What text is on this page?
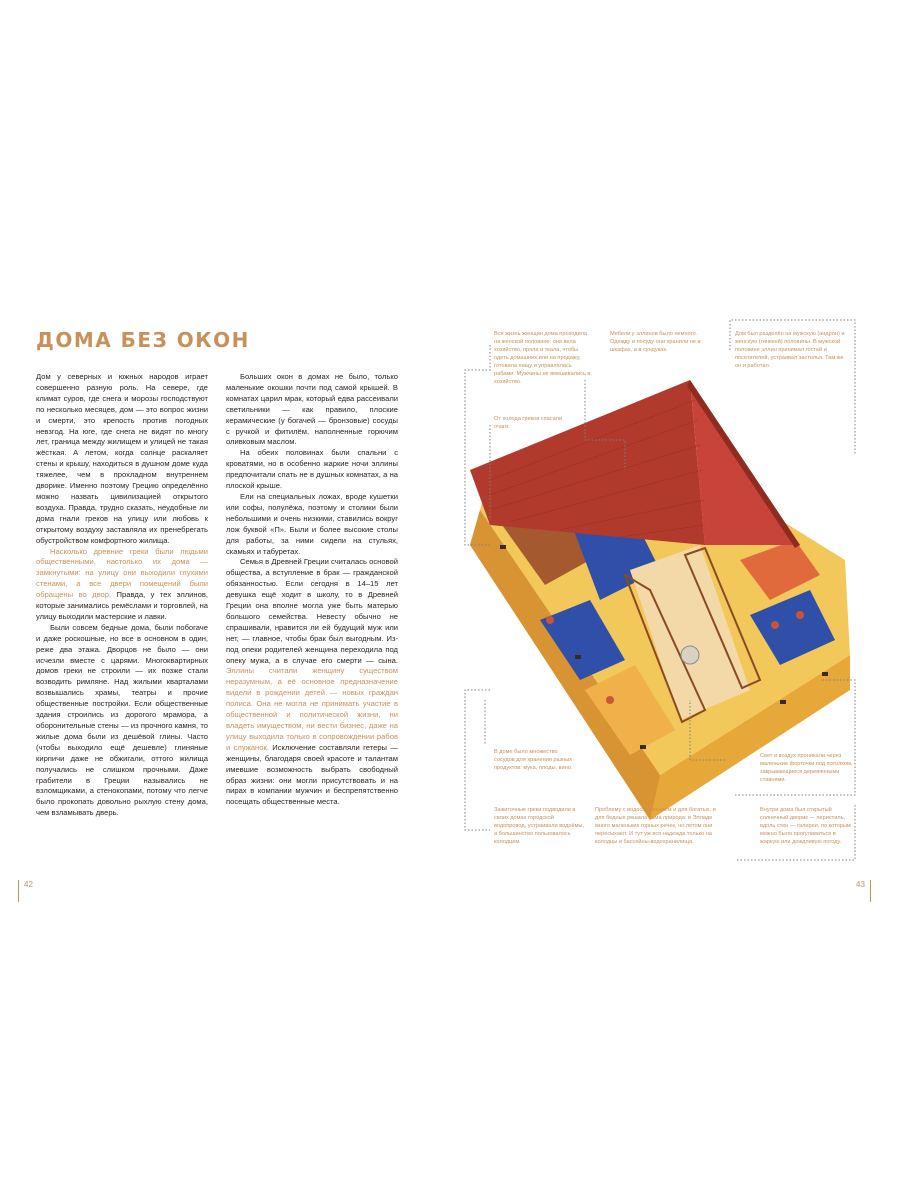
ДОМА БЕЗ ОКОН

Дом у северных и южных народов играет совершенно разную роль. На севере, где климат суров, где снега и морозы господствуют по несколько месяцев, дом — это вопрос жизни и смерти, это крепость против погодных невзгод. На юге, где снега не видят по многу лет, граница между жилищем и улицей не такая жёсткая. А летом, когда солнце раскаляет стены и крышу, находиться в душном доме куда тяжелее, чем в прохладном внутреннем дворике. Именно поэтому Грецию определённо можно назвать цивилизацией открытого воздуха. Правда, трудно сказать, неудобные ли дома гнали греков на улицу или любовь к открытому воздуху заставляла их пренебрегать обустройством комфортного жилища.

Насколько древние греки были людьми общественными, настолько их дома — замкнутыми: на улицу они выходили глухими стенами, а все двери помещений были обращены во двор. Правда, у тех эллинов, которые занимались ремёслами и торговлей, на улицу выходили мастерские и лавки.

Были совсем бедные дома, были побогаче и даже роскошные, но все в основном в один, реже два этажа. Дворцов не было — они исчезли вместе с царями. Многоквартирных домов греки не строили — их позже стали возводить римляне. Над жилыми кварталами возвышались храмы, театры и прочие общественные постройки. Если общественные здания строились из дорогого мрамора, а оборонительные стены — из прочного камня, то жилые дома были из дешёвой глины. Часто (чтобы выходило ещё дешевле) глиняные кирпичи даже не обжигали, оттого жилища получались не слишком прочными. Даже грабители в Греции назывались не взломщиками, а стенокопами, потому что легче было прокопать довольно рыхлую стену дома, чем взламывать дверь.

Больших окон в домах не было, только маленькие окошки почти под самой крышей. В комнатах царил мрак, который едва рассеивали светильники — как правило, плоские керамические (у богачей — бронзовые) сосуды с ручкой и фитилём, наполненные горючим оливковым маслом.

На обеих половинах были спальни с кроватями, но в особенно жаркие ночи эллины предпочитали спать не в душных комнатах, а на плоской крыше.

Ели на специальных ложах, вроде кушетки или софы, полулёжа, поэтому и столики были небольшими и очень низкими, ставились вокруг лож буквой «П». Были и более высокие столы для работы, за ними сидели на стульях, скамьях и табуретах.

Семья в Древней Греции считалась основой общества, а вступление в брак — гражданской обязанностью. Если сегодня в 14–15 лет девушка ещё ходит в школу, то в Древней Греции она вполне могла уже быть матерью большого семейства. Невесту обычно не спрашивали, нравится ли ей будущий муж или нет, — главное, чтобы брак был выгодным. Из-под опеки родителей женщина переходила под опеку мужа, а в случае его смерти — сына. Эллины считали женщину существом неразумным, а её основное предназначение видели в рождении детей — новых граждан полиса. Она не могла не принимать участие в общественной и политической жизни, ни владеть имуществом, ни вести бизнес, даже на улицу выходила только в сопровождении рабов и служанок. Исключение составляли гетеры — женщины, благодаря своей красоте и талантам имевшие возможность выбрать свободный образ жизни: они могли присутствовать и на пирах в компании мужчин и беспрепятственно посещать общественные места.

42
Вся жизнь женщин дома проходила на женской половине: она вела хозяйство, пряла и ткала, чтобы одеть домашних или на продажу, готовила пищу и управлялась рабами. Мужчины не вмешивались в хозяйство.
Мебели у эллинов было немного. Одежду и посуду они хранили не в шкафах, а в сундуках.
Дом был разделён на мужскую (андрон) и женскую (гинекей) половины. В мужской половине эллин принимал гостей и посетителей, устраивал застолья. Там же он и работал.
От холода греков спасали очаги.
В доме было множество сосудов для хранения разных продуктов: мука, плоды, вино.
Свет и воздух проникали через маленькие форточки под потолком, закрывающиеся деревянными ставнями.
Зажиточные греки подводили в своих домах городской водопровод, устраивали водоёмы, а большинство пользовалось колодцем.
Проблему с водоснабжением и для богатых, и для бедных решала сама природа: в Элладе много маленьких горных речек, но летом они пересыхают. И тут уж вся надежда только на колодцы и бассейны-водохранилища.
Внутри дома был открытый солнечный дворик — перистиль, вдоль стен — галереи, по которым можно было прогуливаться в жаркую или дождливую погоду.
43
